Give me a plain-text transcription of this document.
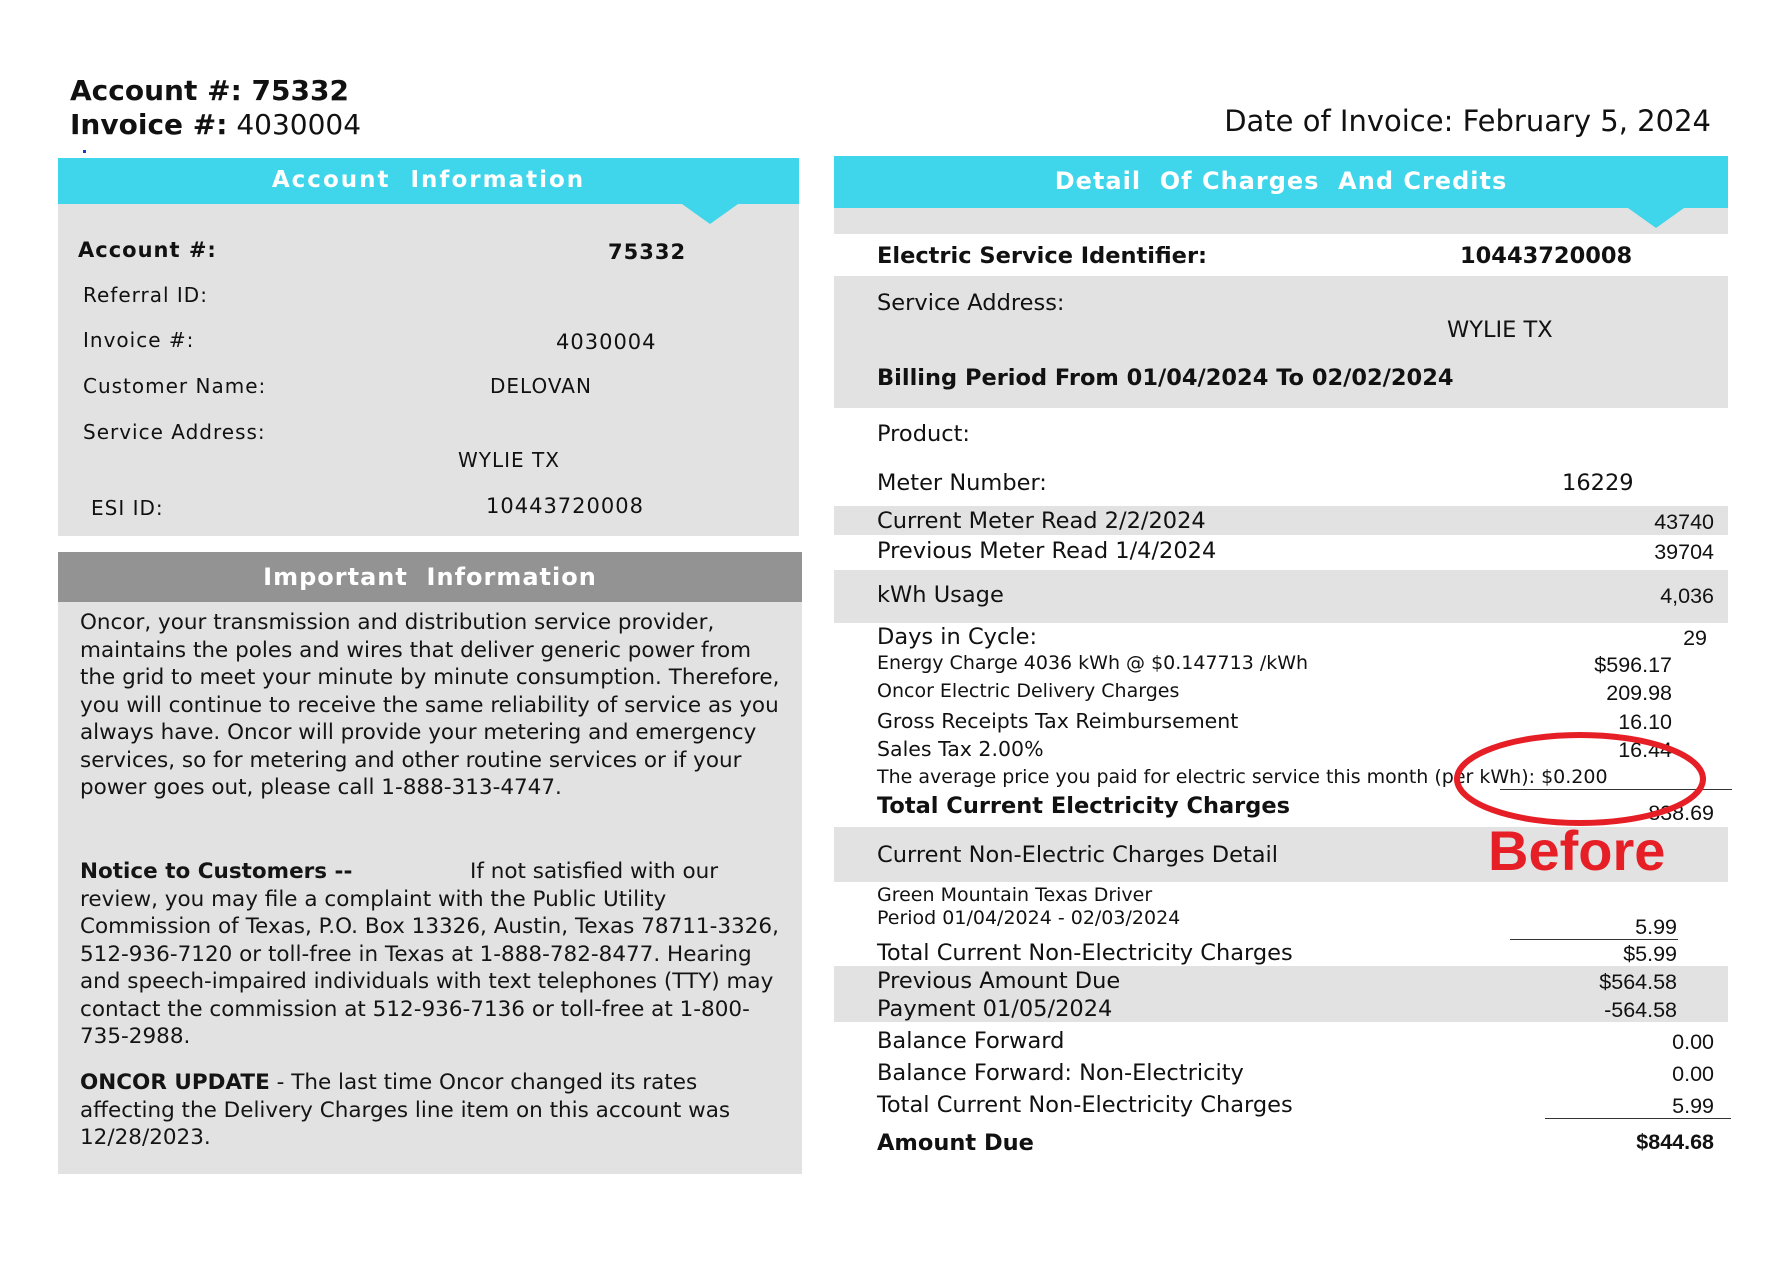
Account #: 75332
Invoice #: 4030004	Date of Invoice: February 5, 2024
Account  Information
Account #:	75332
Referral ID:
Invoice #:	4030004
Customer Name:	DELOVAN
Service Address:
WYLIE TX
ESI ID:	10443720008
Important  Information
Oncor, your transmission and distribution service provider, maintains the poles and wires that deliver generic power from the grid to meet your minute by minute consumption. Therefore, you will continue to receive the same reliability of service as you always have. Oncor will provide your metering and emergency services, so for metering and other routine services or if your power goes out, please call 1-888-313-4747.
Notice to Customers --	If not satisfied with our review, you may file a complaint with the Public Utility Commission of Texas, P.O. Box 13326, Austin, Texas 78711-3326, 512-936-7120 or toll-free in Texas at 1-888-782-8477. Hearing and speech-impaired individuals with text telephones (TTY) may contact the commission at 512-936-7136 or toll-free at 1-800-735-2988.
ONCOR UPDATE - The last time Oncor changed its rates affecting the Delivery Charges line item on this account was 12/28/2023.
Detail  Of Charges  And Credits
Electric Service Identifier:	10443720008
Service Address:
WYLIE TX
Billing Period From 01/04/2024 To 02/02/2024
Product:
Meter Number:	16229
Current Meter Read 2/2/2024	43740
Previous Meter Read 1/4/2024	39704
kWh Usage	4,036
Days in Cycle:	29
Energy Charge 4036 kWh @ $0.147713 /kWh	$596.17
Oncor Electric Delivery Charges	209.98
Gross Receipts Tax Reimbursement	16.10
Sales Tax 2.00%	16.44
The average price you paid for electric service this month (per kWh): $0.200
Total Current Electricity Charges	838.69
Current Non-Electric Charges Detail	Before
Green Mountain Texas Driver
Period 01/04/2024 - 02/03/2024	5.99
Total Current Non-Electricity Charges	$5.99
Previous Amount Due	$564.58
Payment 01/05/2024	-564.58
Balance Forward	0.00
Balance Forward: Non-Electricity	0.00
Total Current Non-Electricity Charges	5.99
Amount Due	$844.68
